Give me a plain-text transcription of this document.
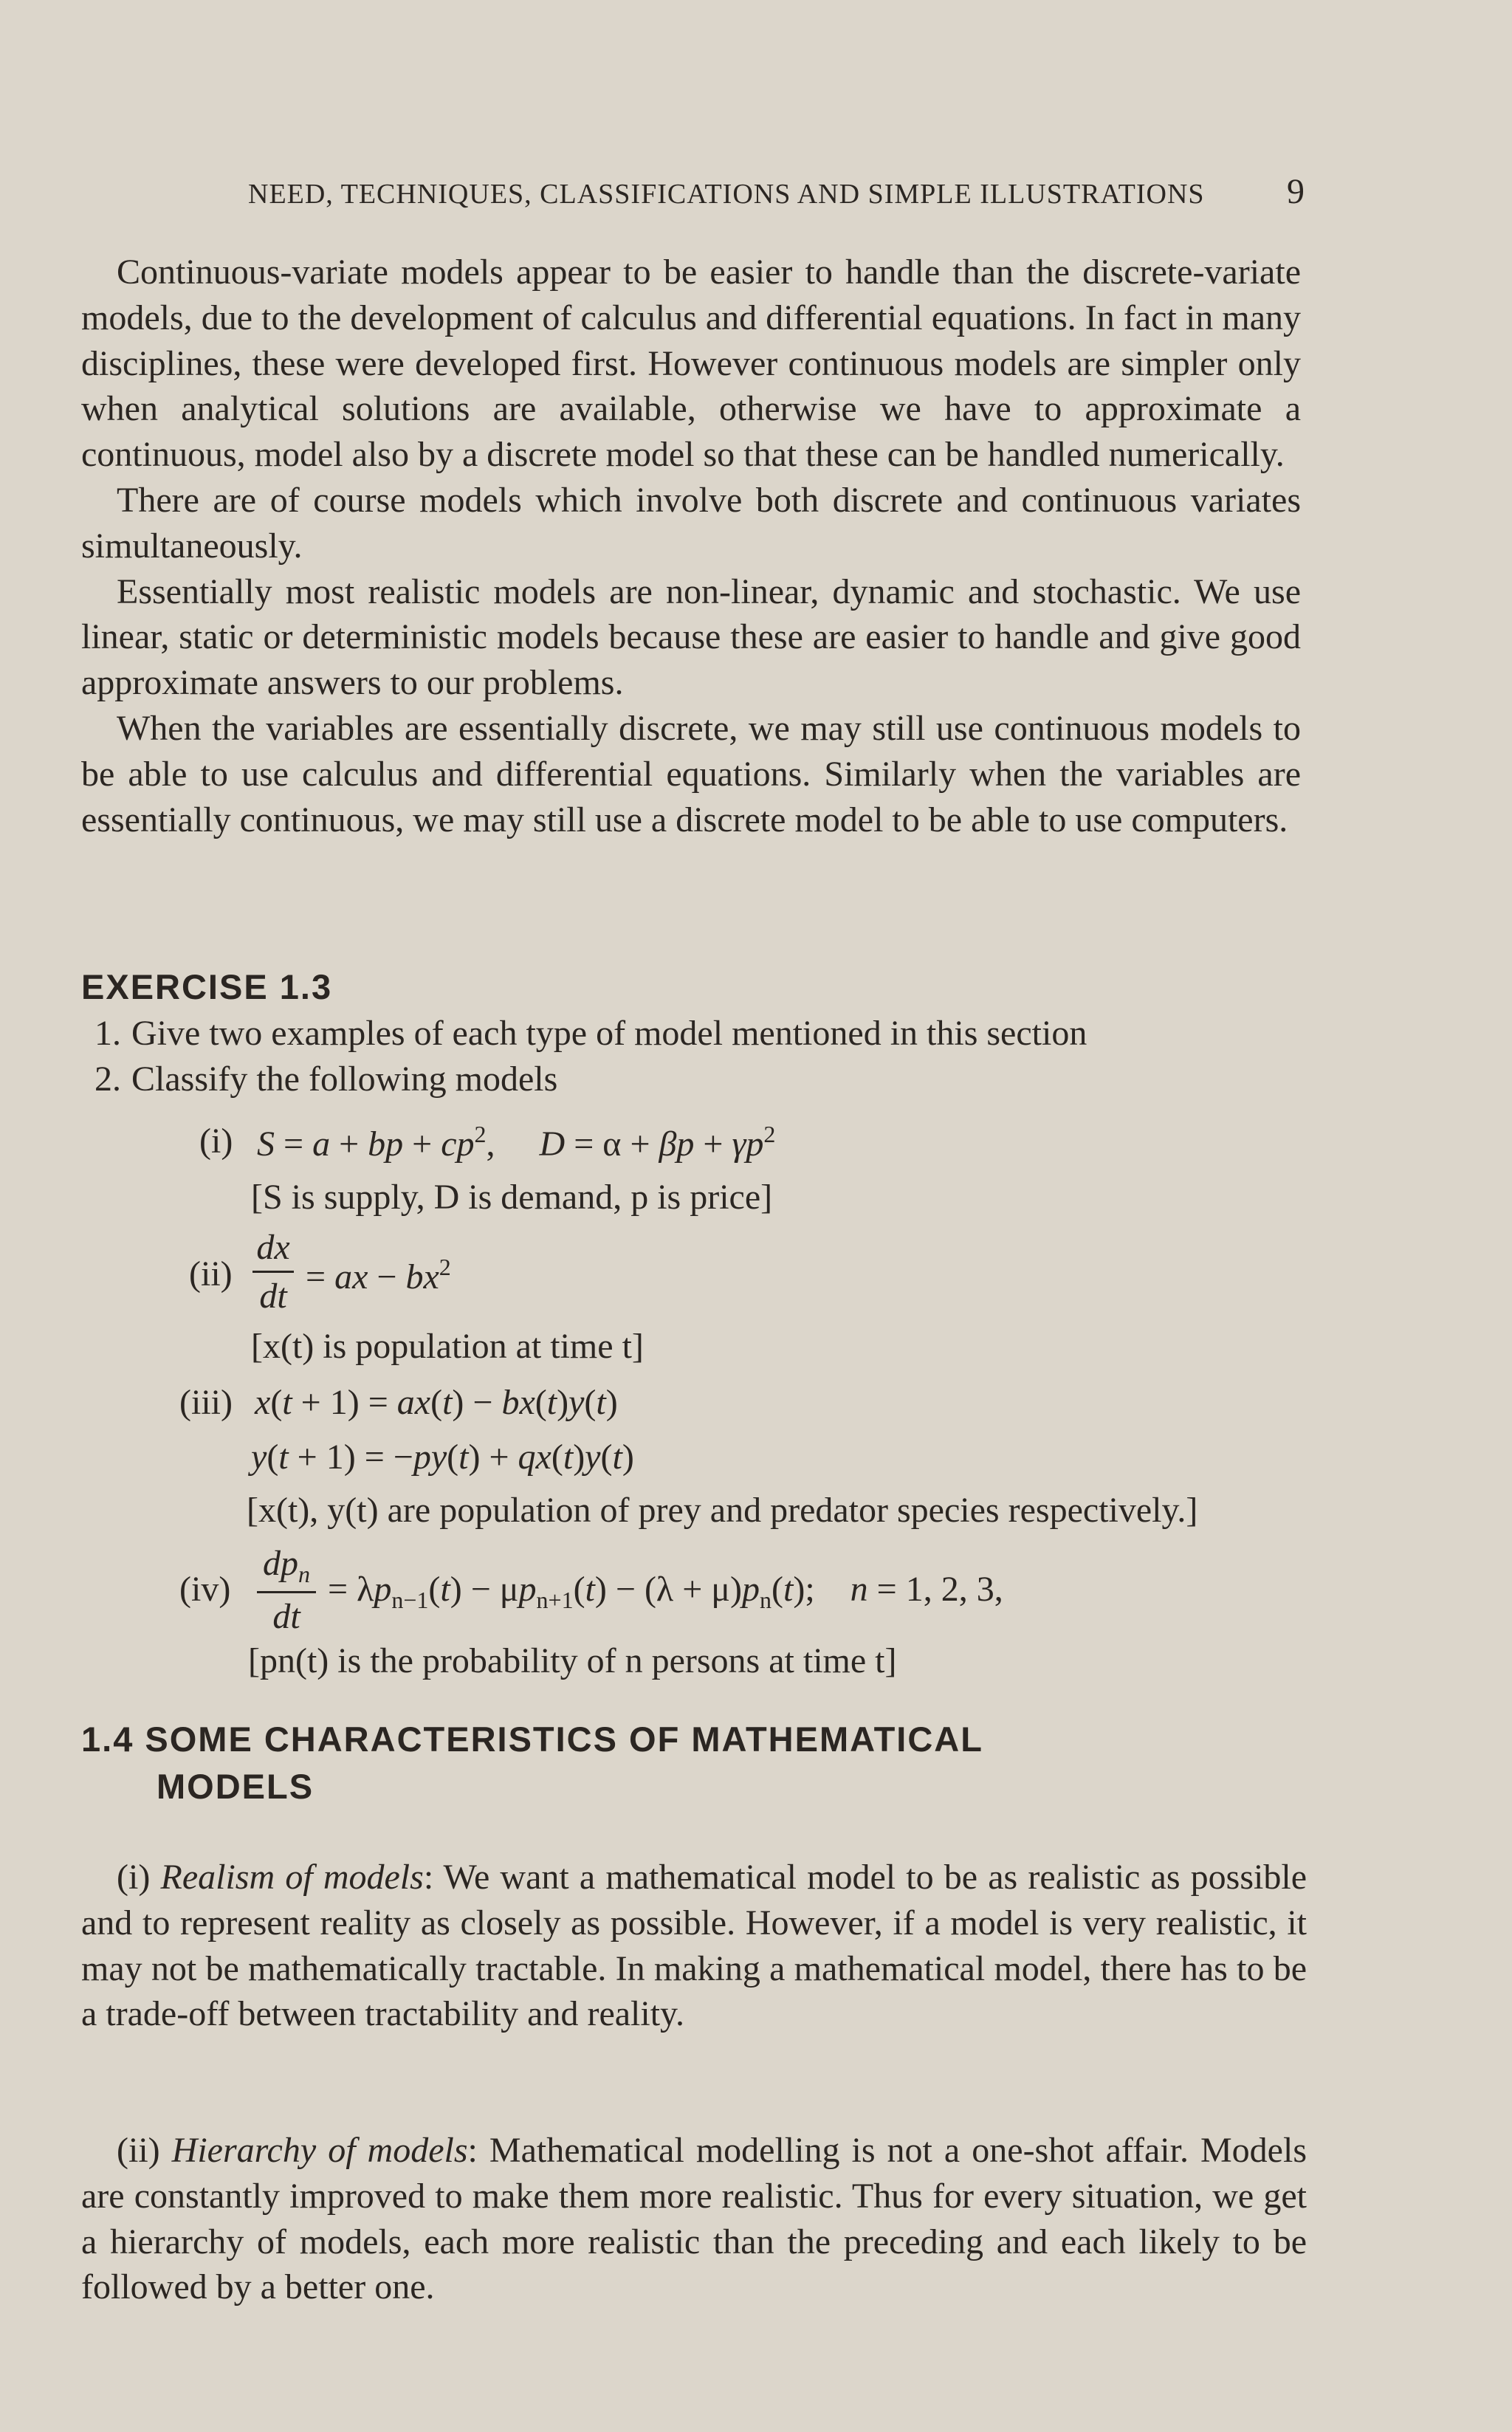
NEED, TECHNIQUES, CLASSIFICATIONS AND SIMPLE ILLUSTRATIONS 9

Continuous-variate models appear to be easier to handle than the discrete-variate models, due to the development of calculus and differential equations. In fact in many disciplines, these were developed first. However continuous models are simpler only when analytical solutions are available, otherwise we have to approximate a continuous, model also by a discrete model so that these can be handled numerically.

There are of course models which involve both discrete and continuous variates simultaneously.

Essentially most realistic models are non-linear, dynamic and stochastic. We use linear, static or deterministic models because these are easier to handle and give good approximate answers to our problems.

When the variables are essentially discrete, we may still use continuous models to be able to use calculus and differential equations. Similarly when the variables are essentially continuous, we may still use a discrete model to be able to use computers.

EXERCISE 1.3
1. Give two examples of each type of model mentioned in this section
2. Classify the following models
(i) S = a + bp + $cp^2$,     $D = \alpha + \beta p + \gamma p^2$
[S is supply, D is demand, p is price]
(ii)
dx
dt = ax − $bx^2$
[x(t) is population at time t]
(iii) x(t + 1) = ax(t) − bx(t)y(t)
y(t + 1) = −py(t) + qx(t)y(t)
[x(t), y(t) are population of prey and predator species respectively.]
(iv)
$dp_n$
dt
= $\lambda p_{n-1}(t) - \mu p_{n+1}(t) - (\lambda + \mu)p_n(t)$;    n = 1, 2, 3,
[pn(t) is the probability of n persons at time t]
1.4 SOME CHARACTERISTICS OF MATHEMATICAL
MODELS

(i) Realism of models: We want a mathematical model to be as realistic as possible and to represent reality as closely as possible. However, if a model is very realistic, it may not be mathematically tractable. In making a mathematical model, there has to be a trade-off between tractability and reality.

(ii) Hierarchy of models: Mathematical modelling is not a one-shot affair. Models are constantly improved to make them more realistic. Thus for every situation, we get a hierarchy of models, each more realistic than the preceding and each likely to be followed by a better one.
